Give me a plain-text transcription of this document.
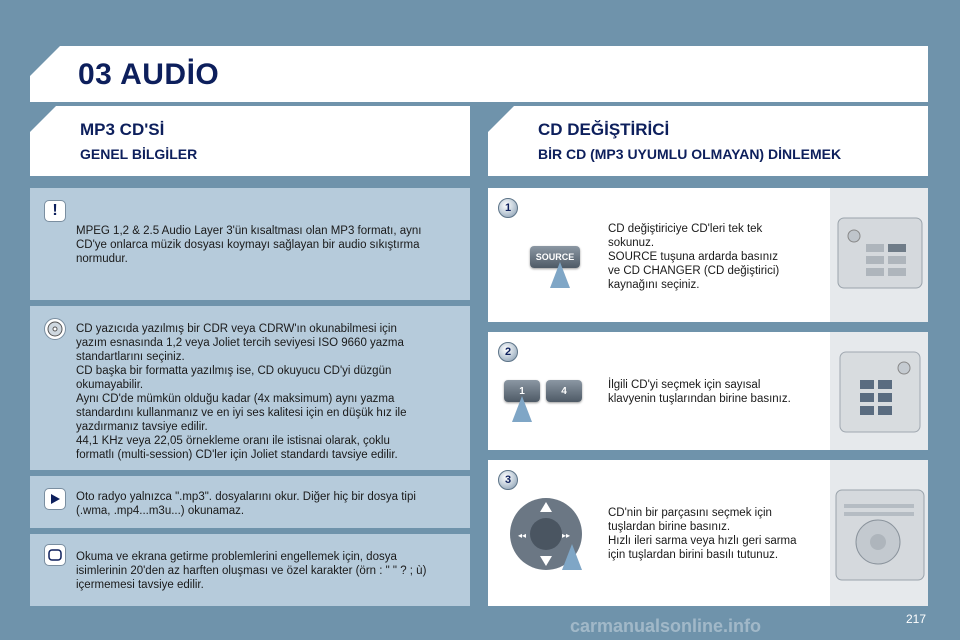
03 AUDİO
MP3 CD'Sİ
GENEL BİLGİLER
CD DEĞİŞTİRİCİ
BİR CD (MP3 UYUMLU OLMAYAN) DİNLEMEK
!
MPEG 1,2 & 2.5 Audio Layer 3'ün kısaltması olan MP3 formatı, aynı
CD'ye onlarca müzik dosyası koymayı sağlayan bir audio sıkıştırma
normudur.
CD yazıcıda yazılmış bir CDR veya CDRW'ın okunabilmesi için
yazım esnasında 1,2 veya Joliet tercih seviyesi ISO 9660 yazma
standartlarını seçiniz.
CD başka bir formatta yazılmış ise, CD okuyucu CD'yi düzgün
okumayabilir.
Aynı CD'de mümkün olduğu kadar (4x maksimum) aynı yazma
standardını kullanmanız ve en iyi ses kalitesi için en düşük hız ile
yazdırmanız tavsiye edilir.
44,1 KHz veya 22,05 örnekleme oranı ile istisnai olarak, çoklu
formatlı (multi-session) CD'ler için Joliet standardı tavsiye edilir.
Oto radyo yalnızca ".mp3". dosyalarını okur. Diğer hiç bir dosya tipi
(.wma, .mp4...m3u...) okunamaz.
Okuma ve ekrana getirme problemlerini engellemek için, dosya
isimlerinin 20'den az harften oluşması ve özel karakter (örn : " " ? ; ù)
içermemesi tavsiye edilir.
1
SOURCE
CD değiştiriciye CD'leri tek tek
sokunuz.
SOURCE tuşuna ardarda basınız
ve CD CHANGER (CD değiştirici)
kaynağını seçiniz.
2
1	4	İlgili CD'yi seçmek için sayısal
klavyenin tuşlarından birine basınız.
3
◂◂	▸▸
CD'nin bir parçasını seçmek için
tuşlardan birine basınız.
Hızlı ileri sarma veya hızlı geri sarma
için tuşlardan birini basılı tutunuz.
217
carmanualsonline.info
